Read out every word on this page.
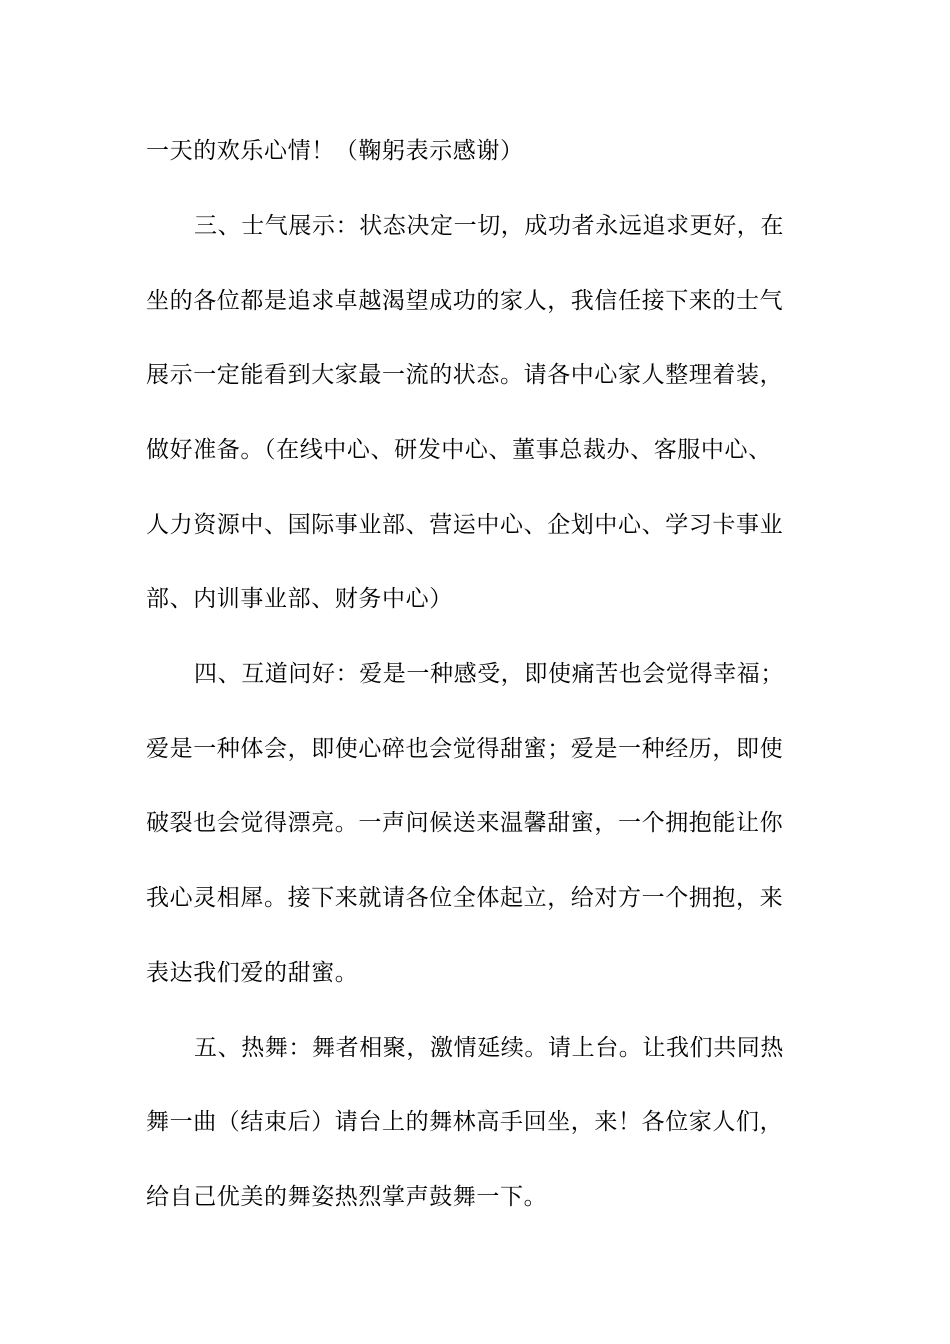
一天的欢乐心情！（鞠躬表示感谢）
三、士气展示：状态决定一切，成功者永远追求更好，在
坐的各位都是追求卓越渴望成功的家人，我信任接下来的士气
展示一定能看到大家最一流的状态。请各中心家人整理着装，
做好准备。（在线中心、研发中心、董事总裁办、客服中心、
人力资源中、国际事业部、营运中心、企划中心、学习卡事业
部、内训事业部、财务中心）
四、互道问好：爱是一种感受，即使痛苦也会觉得幸福；
爱是一种体会，即使心碎也会觉得甜蜜；爱是一种经历，即使
破裂也会觉得漂亮。一声问候送来温馨甜蜜，一个拥抱能让你
我心灵相犀。接下来就请各位全体起立，给对方一个拥抱，来
表达我们爱的甜蜜。
五、热舞：舞者相聚，激情延续。请上台。让我们共同热
舞一曲（结束后）请台上的舞林高手回坐，来！各位家人们，
给自己优美的舞姿热烈掌声鼓舞一下。
